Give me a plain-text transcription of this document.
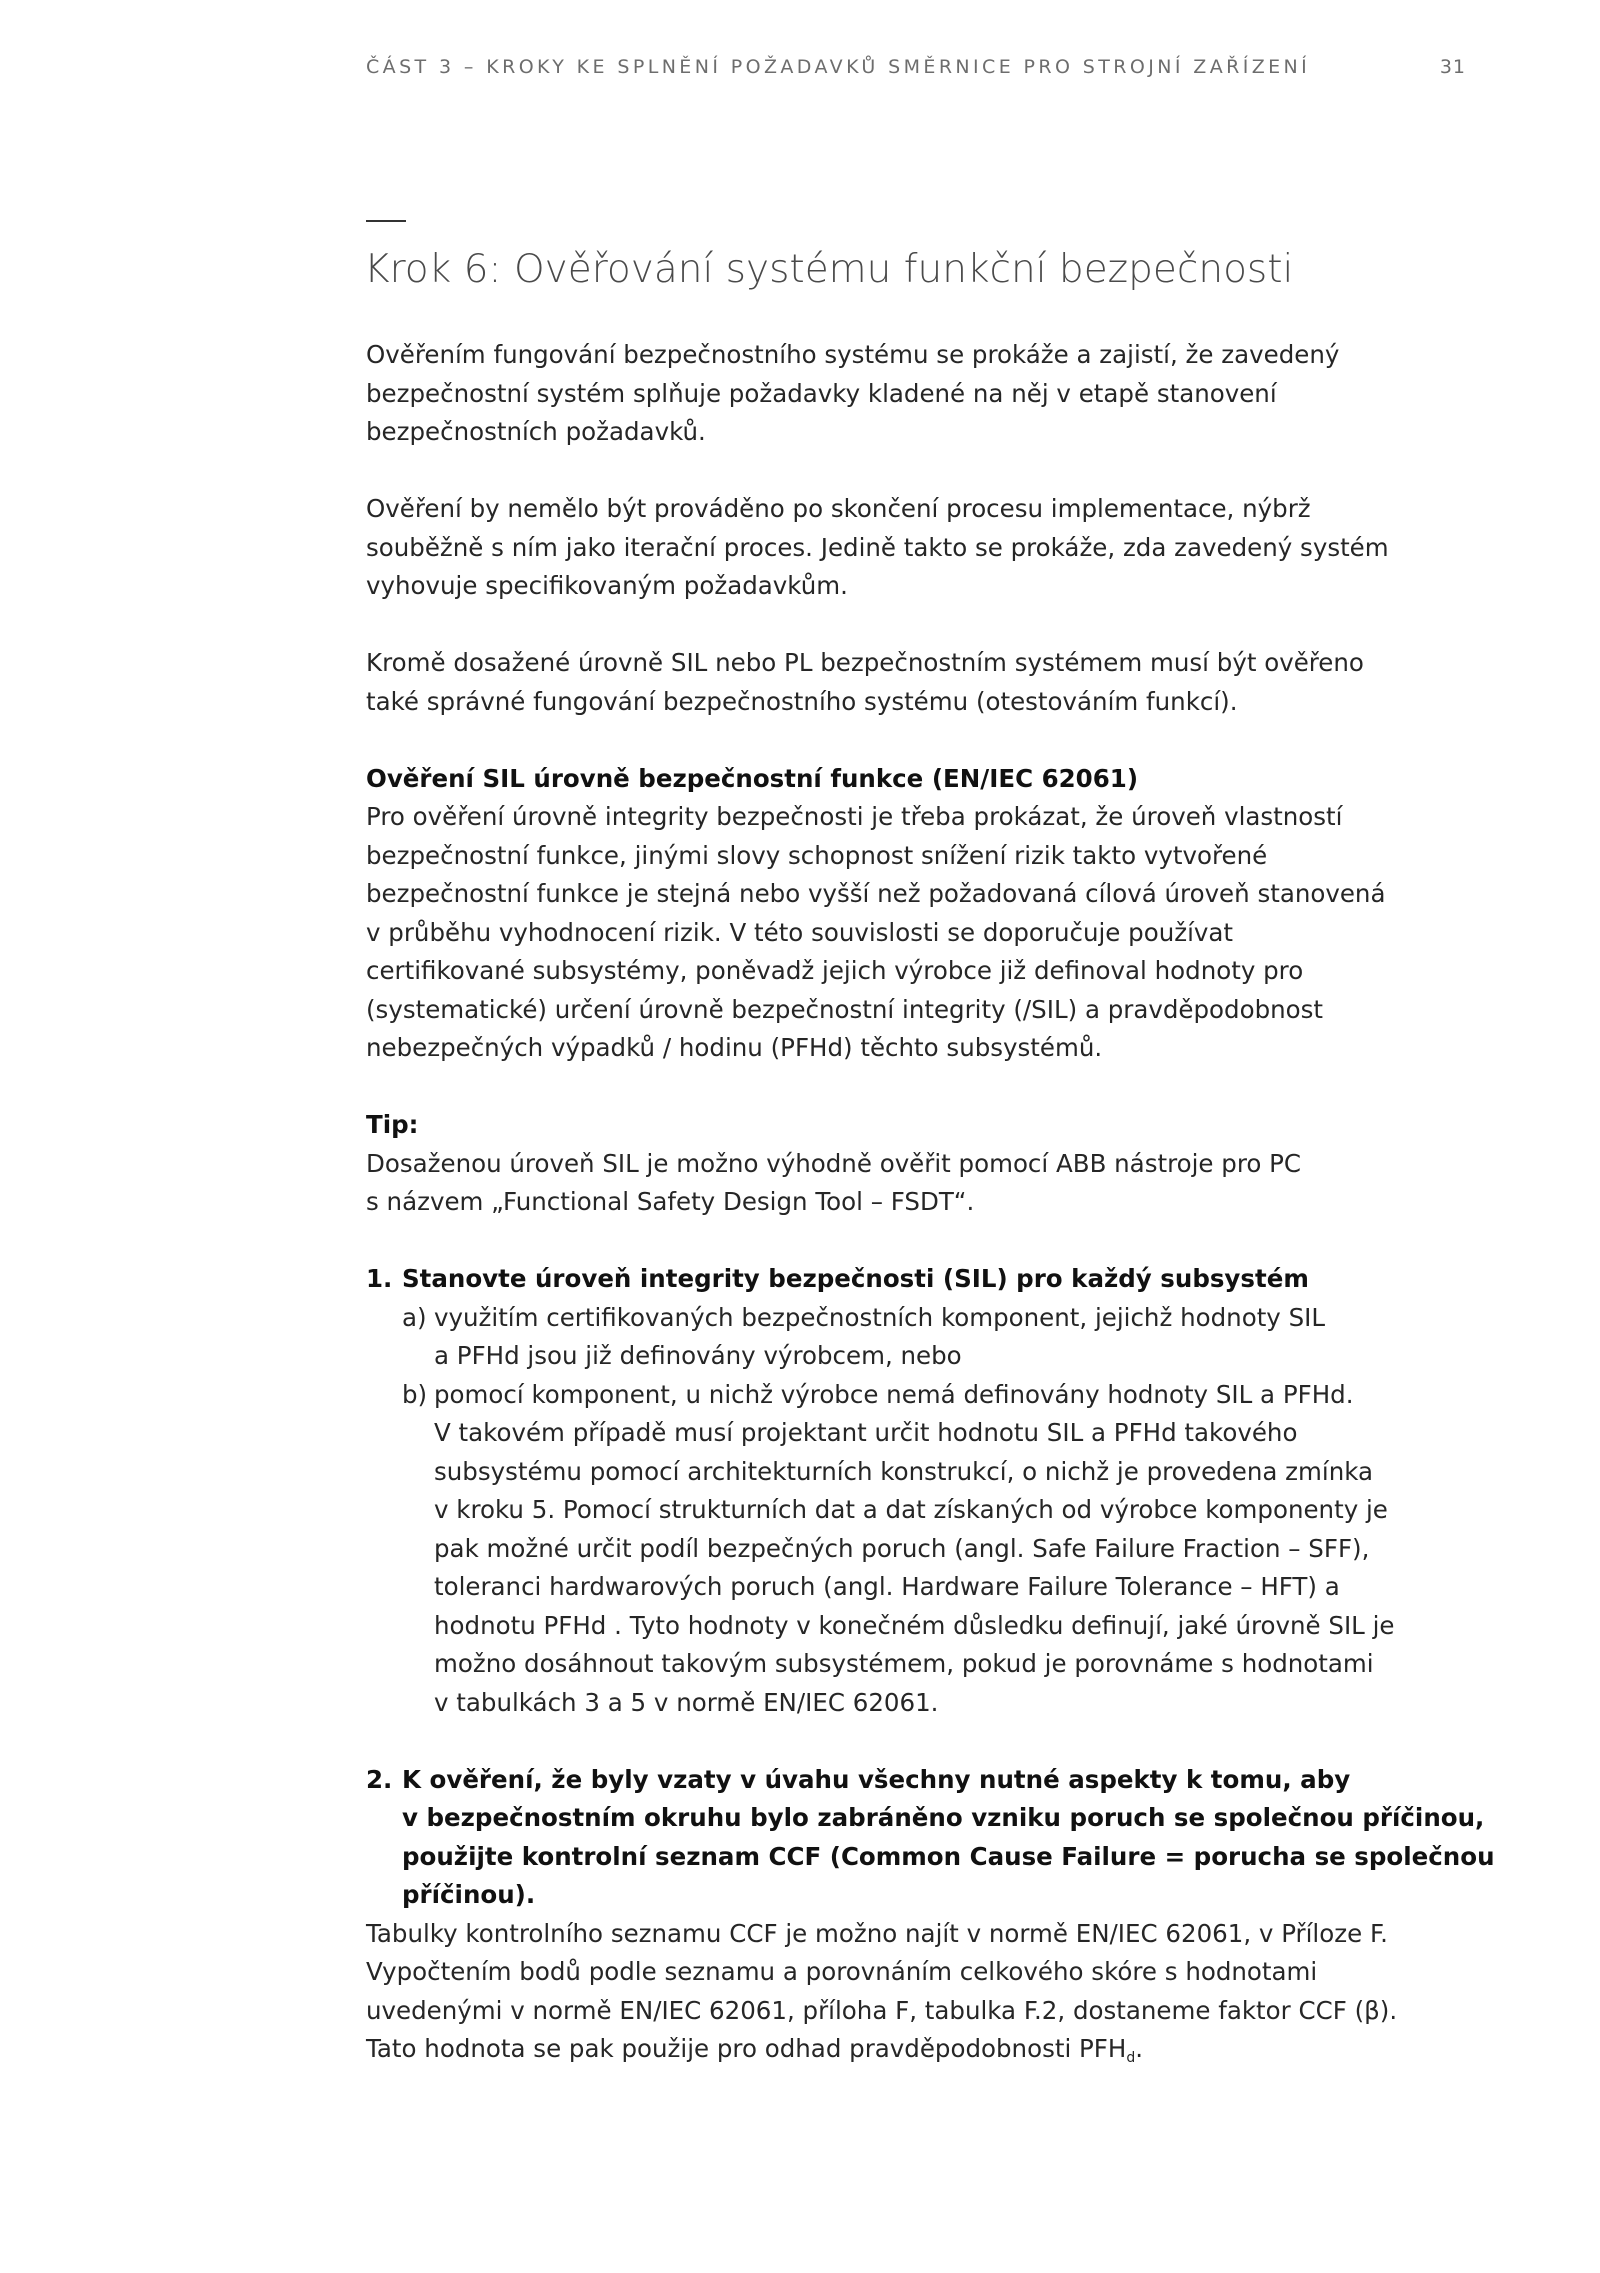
ČÁST 3 – KROKY KE SPLNĚNÍ POŽADAVKŮ SMĚRNICE PRO STROJNÍ ZAŘÍZENÍ	31
Krok 6: Ověřování systému funkční bezpečnosti

Ověřením fungování bezpečnostního systému se prokáže a zajistí, že zavedený
bezpečnostní systém splňuje požadavky kladené na něj v etapě stanovení
bezpečnostních požadavků.

Ověření by nemělo být prováděno po skončení procesu implementace, nýbrž
souběžně s ním jako iterační proces. Jedině takto se prokáže, zda zavedený systém
vyhovuje specifikovaným požadavkům.

Kromě dosažené úrovně SIL nebo PL bezpečnostním systémem musí být ověřeno
také správné fungování bezpečnostního systému (otestováním funkcí).

Ověření SIL úrovně bezpečnostní funkce (EN/IEC 62061)
Pro ověření úrovně integrity bezpečnosti je třeba prokázat, že úroveň vlastností
bezpečnostní funkce, jinými slovy schopnost snížení rizik takto vytvořené
bezpečnostní funkce je stejná nebo vyšší než požadovaná cílová úroveň stanovená
v průběhu vyhodnocení rizik. V této souvislosti se doporučuje používat
certifikované subsystémy, poněvadž jejich výrobce již definoval hodnoty pro
(systematické) určení úrovně bezpečnostní integrity (/SIL) a pravděpodobnost
nebezpečných výpadků / hodinu (PFHd) těchto subsystémů.

Tip:
Dosaženou úroveň SIL je možno výhodně ověřit pomocí ABB nástroje pro PC
s názvem „Functional Safety Design Tool – FSDT“.

1. Stanovte úroveň integrity bezpečnosti (SIL) pro každý subsystém
a) využitím certifikovaných bezpečnostních komponent, jejichž hodnoty SIL
a PFHd jsou již definovány výrobcem, nebo
b) pomocí komponent, u nichž výrobce nemá definovány hodnoty SIL a PFHd.
V takovém případě musí projektant určit hodnotu SIL a PFHd takového
subsystému pomocí architekturních konstrukcí, o nichž je provedena zmínka
v kroku 5. Pomocí strukturních dat a dat získaných od výrobce komponenty je
pak možné určit podíl bezpečných poruch (angl. Safe Failure Fraction – SFF),
toleranci hardwarových poruch (angl. Hardware Failure Tolerance – HFT) a
hodnotu PFHd . Tyto hodnoty v konečném důsledku definují, jaké úrovně SIL je
možno dosáhnout takovým subsystémem, pokud je porovnáme s hodnotami
v tabulkách 3 a 5 v normě EN/IEC 62061.
2. K ověření, že byly vzaty v úvahu všechny nutné aspekty k tomu, aby
v bezpečnostním okruhu bylo zabráněno vzniku poruch se společnou příčinou,
použijte kontrolní seznam CCF (Common Cause Failure = porucha se společnou
příčinou).
Tabulky kontrolního seznamu CCF je možno najít v normě EN/IEC 62061, v Příloze F.
Vypočtením bodů podle seznamu a porovnáním celkového skóre s hodnotami
uvedenými v normě EN/IEC 62061, příloha F, tabulka F.2, dostaneme faktor CCF (β).
Tato hodnota se pak použije pro odhad pravděpodobnosti $PFH_d$.
